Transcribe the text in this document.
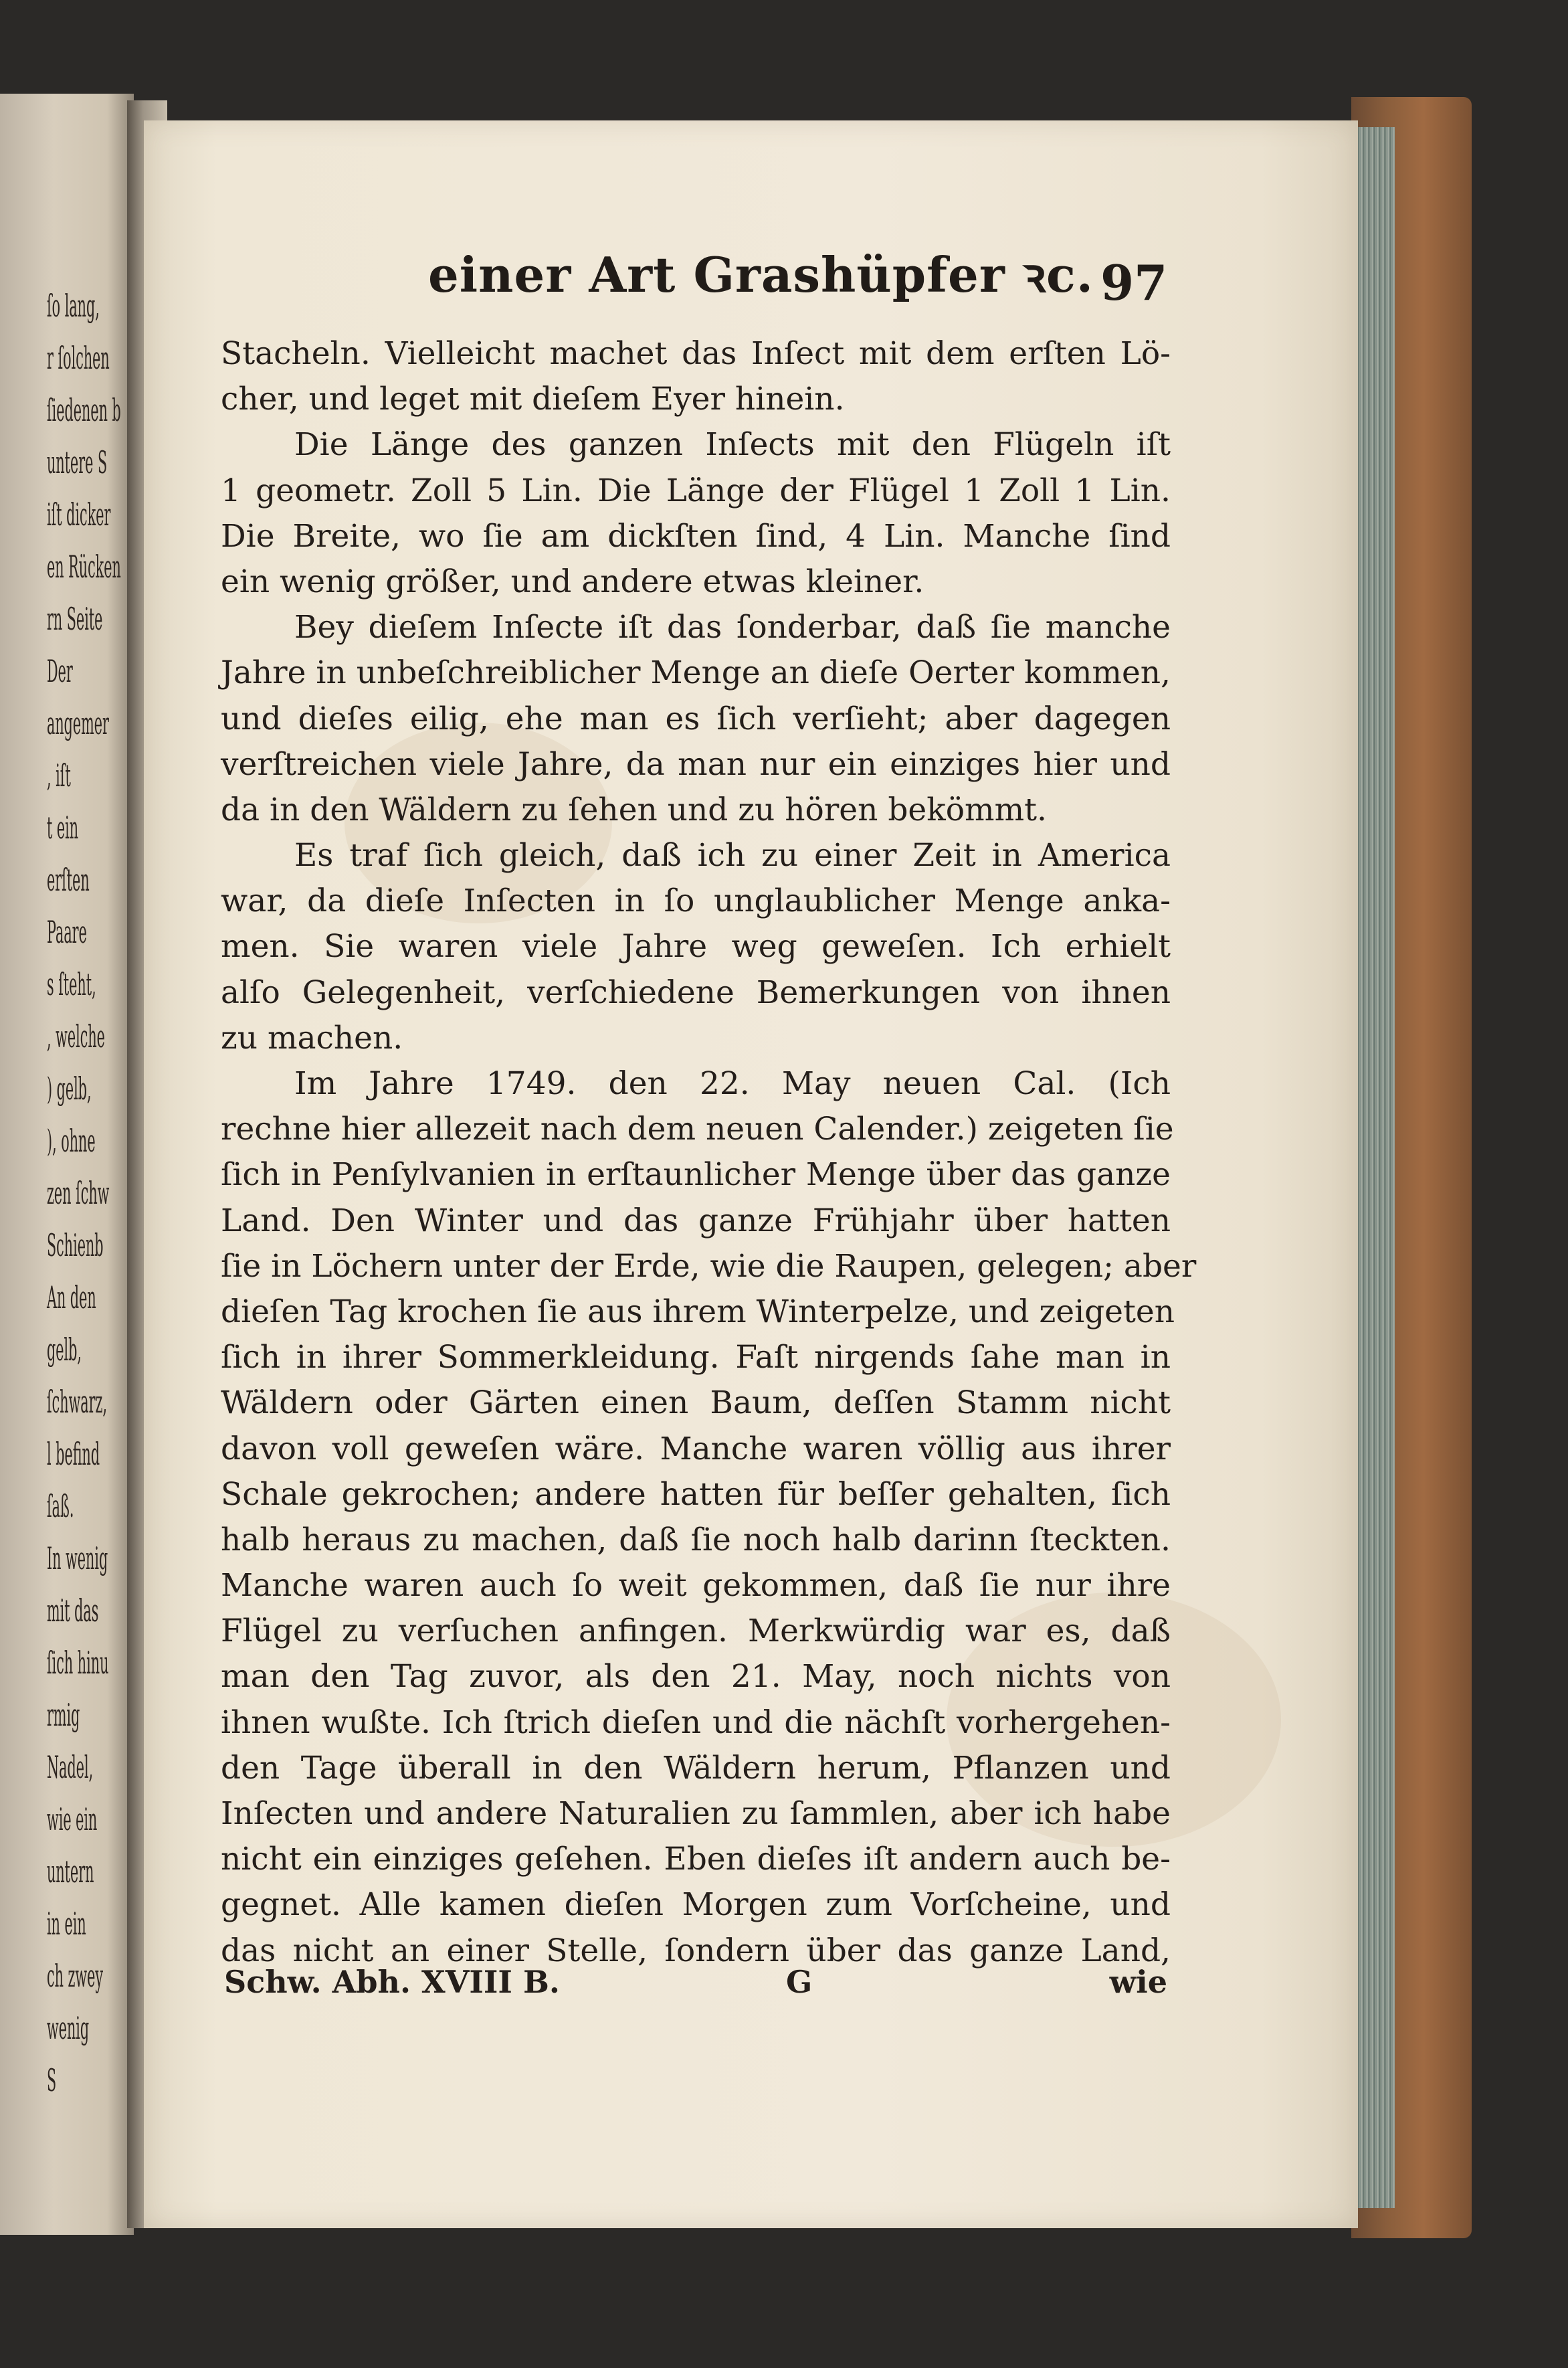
ſo lang,
r ſolchen
ſiedenen b
untere S
iſt dicker
en Rücken
rn Seite
Der
angemer
, iſt
t ein
erſten
Paare
s ſteht,
, welche
) gelb,
), ohne
zen ſchw
Schienb
An den
gelb,
ſchwarz,
l befind
ſaß.
In wenig
mit das
ſich hinu
rmig
Nadel,
wie ein
untern
in ein
ch zwey
wenig
S
einer Art Grashüpfer ꝛc. 97
Stacheln. Vielleicht machet das Inſect mit dem erſten Lö-
cher, und leget mit dieſem Eyer hinein.
Die Länge des ganzen Inſects mit den Flügeln iſt
1 geometr. Zoll 5 Lin. Die Länge der Flügel 1 Zoll 1 Lin.
Die Breite, wo ſie am dickſten ſind, 4 Lin. Manche ſind
ein wenig größer, und andere etwas kleiner.
Bey dieſem Inſecte iſt das ſonderbar, daß ſie manche
Jahre in unbeſchreiblicher Menge an dieſe Oerter kommen,
und dieſes eilig, ehe man es ſich verſieht; aber dagegen
verſtreichen viele Jahre, da man nur ein einziges hier und
da in den Wäldern zu ſehen und zu hören bekömmt.
Es traf ſich gleich, daß ich zu einer Zeit in America
war, da dieſe Inſecten in ſo unglaublicher Menge ankа-
men. Sie waren viele Jahre weg geweſen. Ich erhielt
alſo Gelegenheit, verſchiedene Bemerkungen von ihnen
zu machen.
Im Jahre 1749. den 22. May neuen Cal. (Ich
rechne hier allezeit nach dem neuen Calender.) zeigeten ſie
ſich in Penſylvanien in erſtaunlicher Menge über das ganze
Land. Den Winter und das ganze Frühjahr über hatten
ſie in Löchern unter der Erde, wie die Raupen, gelegen; aber
dieſen Tag krochen ſie aus ihrem Winterpelze, und zeigeten
ſich in ihrer Sommerkleidung. Faſt nirgends ſahe man in
Wäldern oder Gärten einen Baum, deſſen Stamm nicht
davon voll geweſen wäre. Manche waren völlig aus ihrer
Schale gekrochen; andere hatten für beſſer gehalten, ſich
halb heraus zu machen, daß ſie noch halb darinn ſteckten.
Manche waren auch ſo weit gekommen, daß ſie nur ihre
Flügel zu verſuchen anfingen. Merkwürdig war es, daß
man den Tag zuvor, als den 21. May, noch nichts von
ihnen wußte. Ich ſtrich dieſen und die nächſt vorhergehen-
den Tage überall in den Wäldern herum, Pflanzen und
Inſecten und andere Naturalien zu ſammlen, aber ich habe
nicht ein einziges geſehen. Eben dieſes iſt andern auch be-
gegnet. Alle kamen dieſen Morgen zum Vorſcheine, und
das nicht an einer Stelle, ſondern über das ganze Land,
Schw. Abh. XVIII B.	G	wie
